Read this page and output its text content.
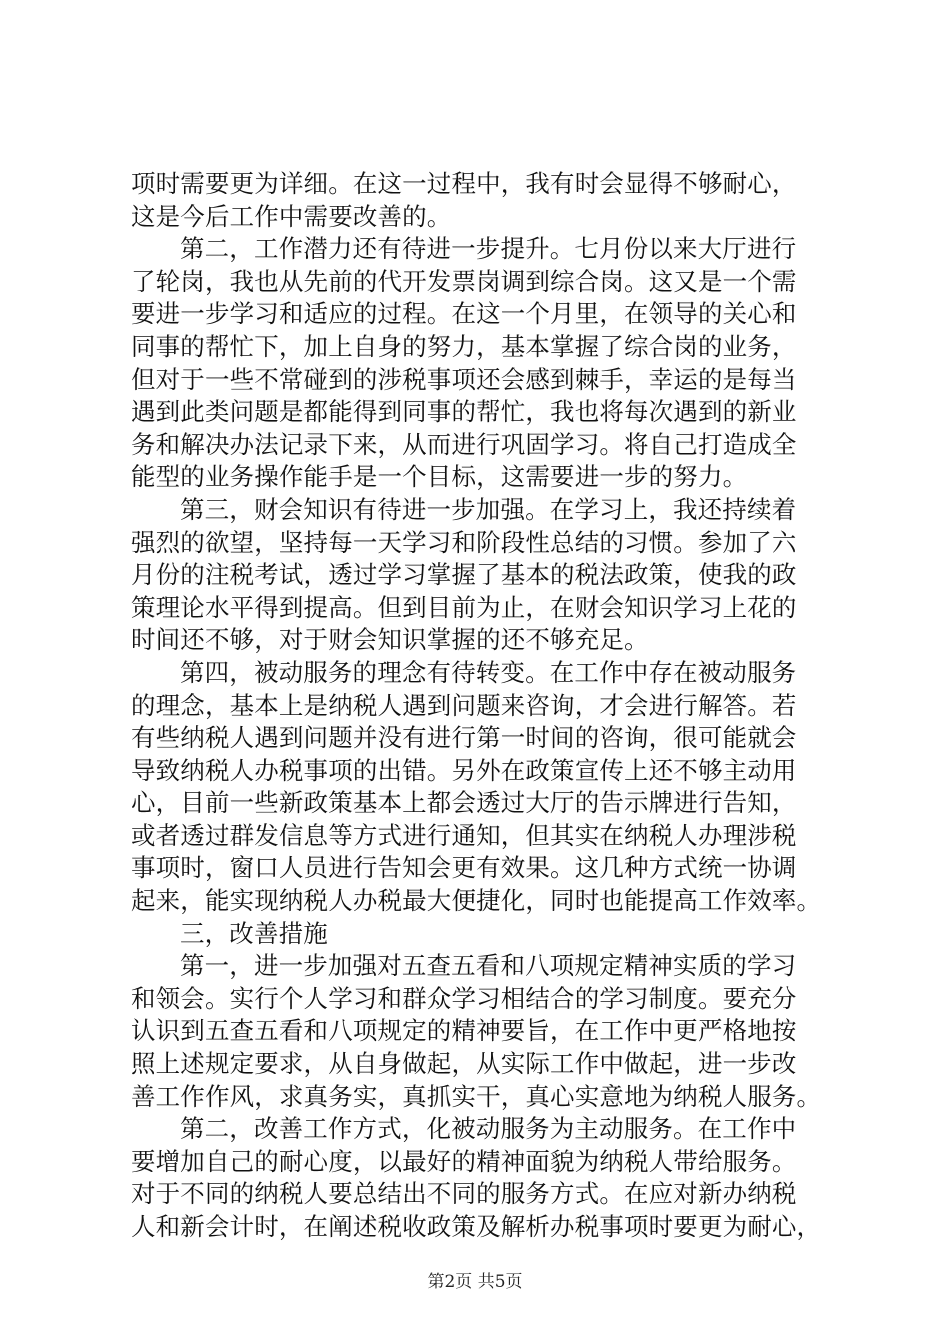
项时需要更为详细。在这一过程中，我有时会显得不够耐心，
这是今后工作中需要改善的。
第二，工作潜力还有待进一步提升。七月份以来大厅进行
了轮岗，我也从先前的代开发票岗调到综合岗。这又是一个需
要进一步学习和适应的过程。在这一个月里，在领导的关心和
同事的帮忙下，加上自身的努力，基本掌握了综合岗的业务，
但对于一些不常碰到的涉税事项还会感到棘手，幸运的是每当
遇到此类问题是都能得到同事的帮忙，我也将每次遇到的新业
务和解决办法记录下来，从而进行巩固学习。将自己打造成全
能型的业务操作能手是一个目标，这需要进一步的努力。
第三，财会知识有待进一步加强。在学习上，我还持续着
强烈的欲望，坚持每一天学习和阶段性总结的习惯。参加了六
月份的注税考试，透过学习掌握了基本的税法政策，使我的政
策理论水平得到提高。但到目前为止，在财会知识学习上花的
时间还不够，对于财会知识掌握的还不够充足。
第四，被动服务的理念有待转变。在工作中存在被动服务
的理念，基本上是纳税人遇到问题来咨询，才会进行解答。若
有些纳税人遇到问题并没有进行第一时间的咨询，很可能就会
导致纳税人办税事项的出错。另外在政策宣传上还不够主动用
心，目前一些新政策基本上都会透过大厅的告示牌进行告知，
或者透过群发信息等方式进行通知，但其实在纳税人办理涉税
事项时，窗口人员进行告知会更有效果。这几种方式统一协调
起来，能实现纳税人办税最大便捷化，同时也能提高工作效率。
三，改善措施
第一，进一步加强对五查五看和八项规定精神实质的学习
和领会。实行个人学习和群众学习相结合的学习制度。要充分
认识到五查五看和八项规定的精神要旨，在工作中更严格地按
照上述规定要求，从自身做起，从实际工作中做起，进一步改
善工作作风，求真务实，真抓实干，真心实意地为纳税人服务。
第二，改善工作方式，化被动服务为主动服务。在工作中
要增加自己的耐心度，以最好的精神面貌为纳税人带给服务。
对于不同的纳税人要总结出不同的服务方式。在应对新办纳税
人和新会计时，在阐述税收政策及解析办税事项时要更为耐心，
第2页 共5页
